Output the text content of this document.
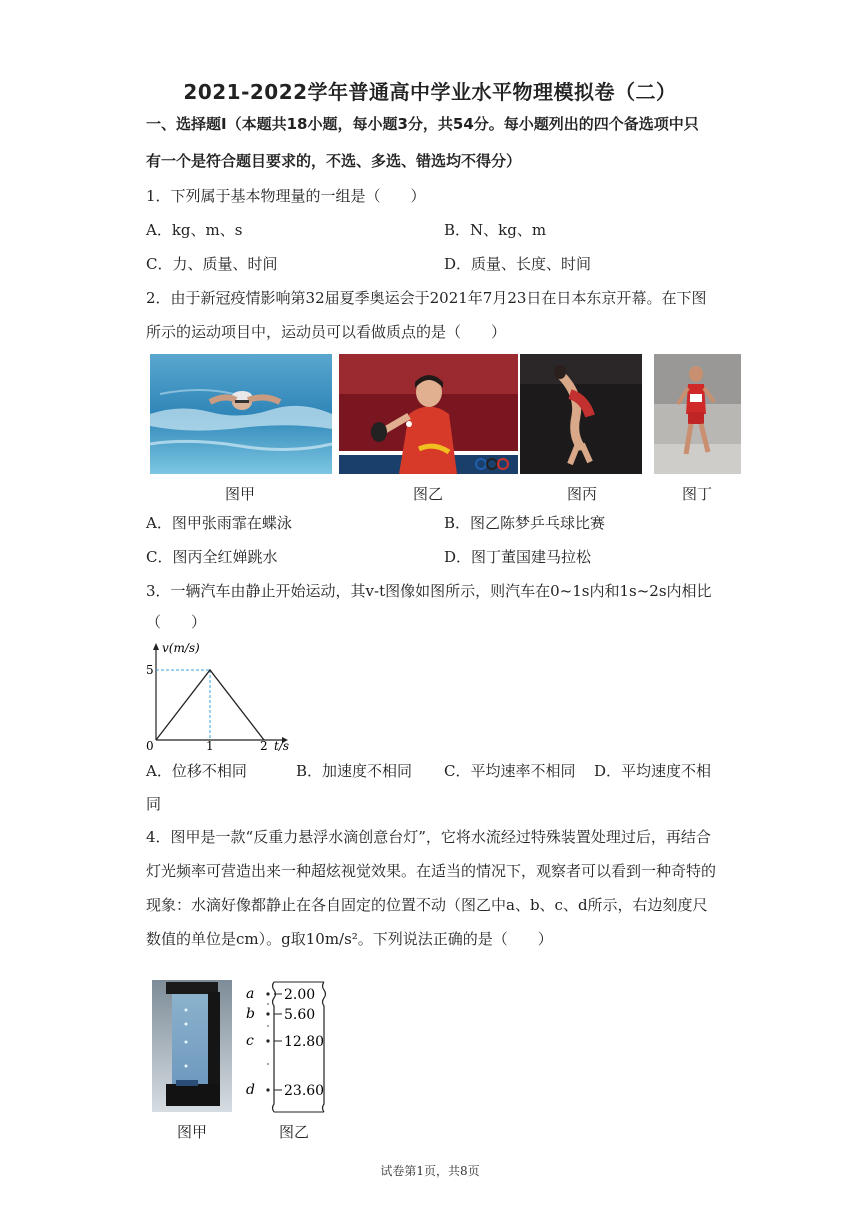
2021-2022学年普通高中学业水平物理模拟卷（二）
一、选择题Ⅰ（本题共18小题，每小题3分，共54分。每小题列出的四个备选项中只
有一个是符合题目要求的，不选、多选、错选均不得分）
1．下列属于基本物理量的一组是（　　）
A．kg、m、s	B．N、kg、m
C．力、质量、时间	D．质量、长度、时间
2．由于新冠疫情影响第32届夏季奥运会于2021年7月23日在日本东京开幕。在下图
所示的运动项目中，运动员可以看做质点的是（　　）
图甲	图乙	图丙	图丁
A．图甲张雨霏在蝶泳	B．图乙陈梦乒乓球比赛
C．图丙全红婵跳水	D．图丁董国建马拉松
3．一辆汽车由静止开始运动，其v-t图像如图所示，则汽车在0~1s内和1s~2s内相比
（　　）
v(m/s)
5
0	1	2 t/s
A．位移不相同	B．加速度不相同 C．平均速率不相同 D．平均速度不相
同
4．图甲是一款“反重力悬浮水滴创意台灯”，它将水流经过特殊装置处理过后，再结合
灯光频率可营造出来一种超炫视觉效果。在适当的情况下，观察者可以看到一种奇特的
现象：水滴好像都静止在各自固定的位置不动（图乙中a、b、c、d所示，右边刻度尺
数值的单位是cm）。g取10m/s²。下列说法正确的是（　　）
a
b
c
d
2.00
5.60
12.80
23.60
图甲	图乙
试卷第1页，共8页
